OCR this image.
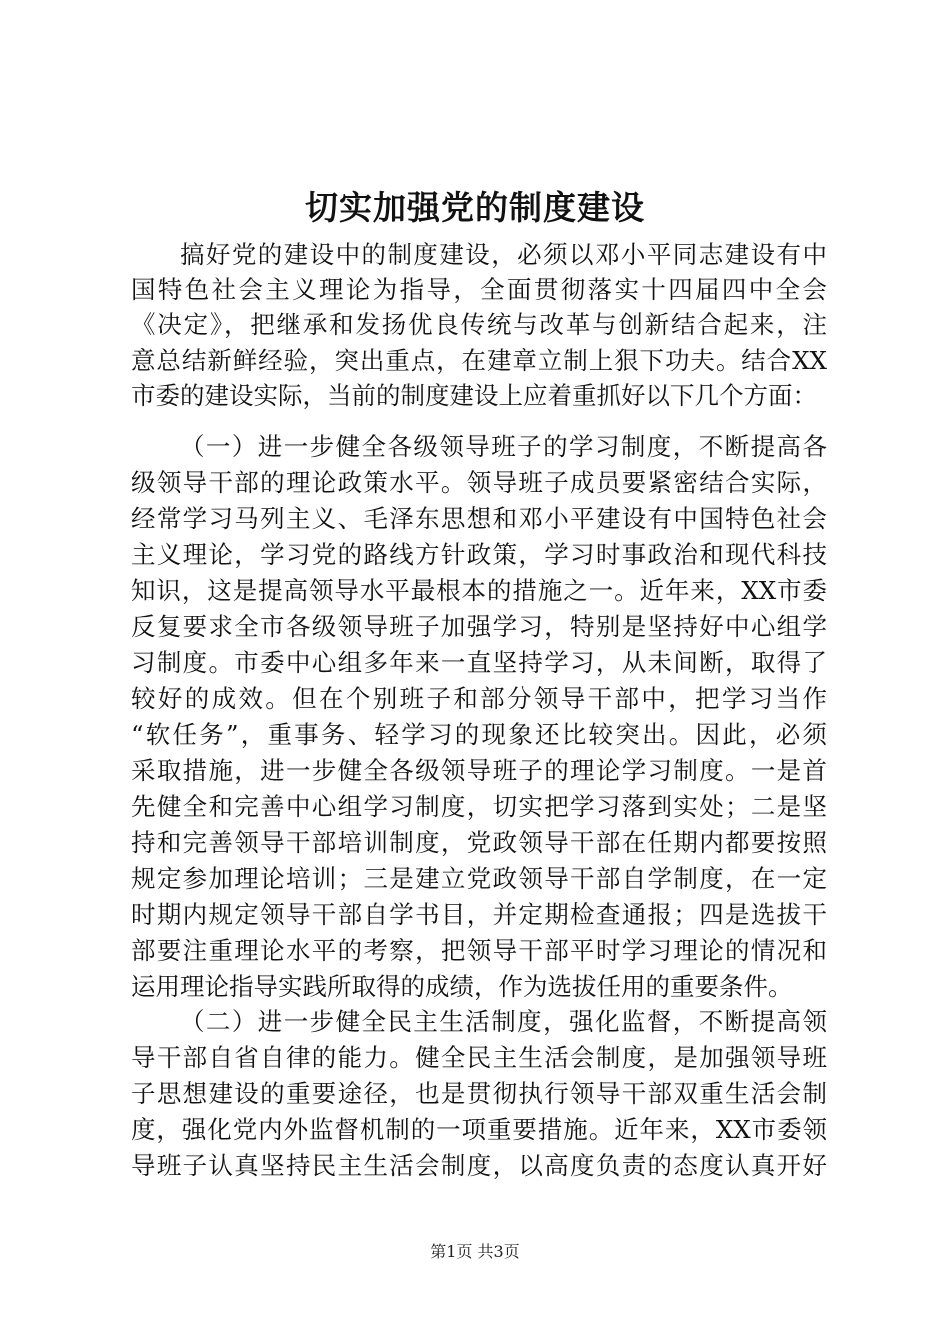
切实加强党的制度建设
搞好党的建设中的制度建设，必须以邓小平同志建设有中
国特色社会主义理论为指导，全面贯彻落实十四届四中全会
《决定》，把继承和发扬优良传统与改革与创新结合起来，注
意总结新鲜经验，突出重点，在建章立制上狠下功夫。结合XX
市委的建设实际，当前的制度建设上应着重抓好以下几个方面：
（一）进一步健全各级领导班子的学习制度，不断提高各
级领导干部的理论政策水平。领导班子成员要紧密结合实际，
经常学习马列主义、毛泽东思想和邓小平建设有中国特色社会
主义理论，学习党的路线方针政策，学习时事政治和现代科技
知识，这是提高领导水平最根本的措施之一。近年来，XX市委
反复要求全市各级领导班子加强学习，特别是坚持好中心组学
习制度。市委中心组多年来一直坚持学习，从未间断，取得了
较好的成效。但在个别班子和部分领导干部中，把学习当作
“软任务”，重事务、轻学习的现象还比较突出。因此，必须
采取措施，进一步健全各级领导班子的理论学习制度。一是首
先健全和完善中心组学习制度，切实把学习落到实处；二是坚
持和完善领导干部培训制度，党政领导干部在任期内都要按照
规定参加理论培训；三是建立党政领导干部自学制度，在一定
时期内规定领导干部自学书目，并定期检查通报；四是选拔干
部要注重理论水平的考察，把领导干部平时学习理论的情况和
运用理论指导实践所取得的成绩，作为选拔任用的重要条件。
（二）进一步健全民主生活制度，强化监督，不断提高领
导干部自省自律的能力。健全民主生活会制度，是加强领导班
子思想建设的重要途径，也是贯彻执行领导干部双重生活会制
度，强化党内外监督机制的一项重要措施。近年来，XX市委领
导班子认真坚持民主生活会制度，以高度负责的态度认真开好
第1页 共3页
